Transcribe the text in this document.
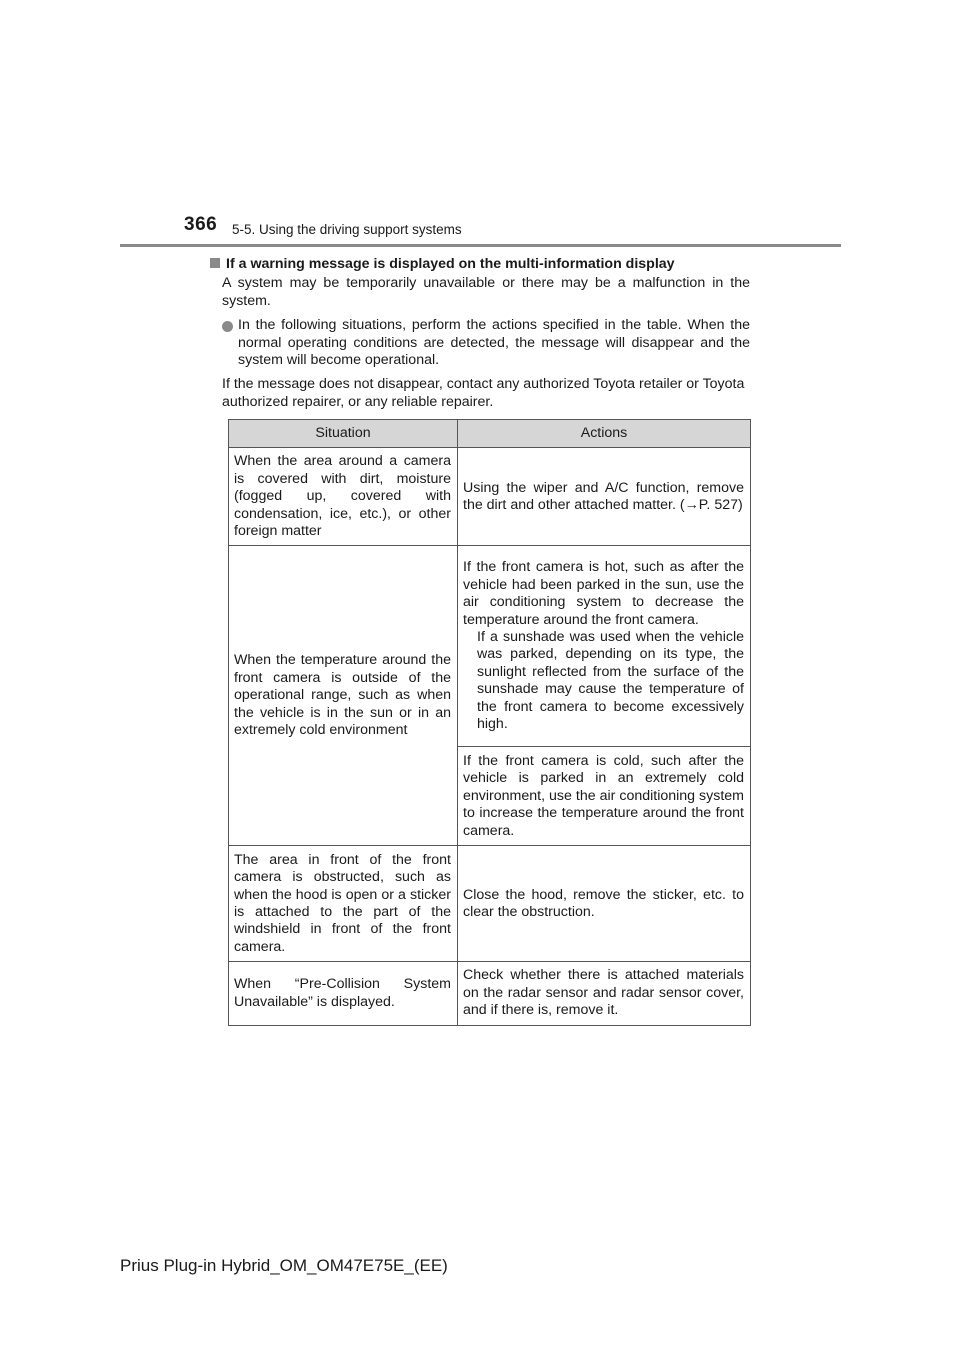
366 5-5. Using the driving support systems
If a warning message is displayed on the multi-information display
A system may be temporarily unavailable or there may be a malfunction in the system.
In the following situations, perform the actions specified in the table. When the normal operating conditions are detected, the message will disappear and the system will become operational.
If the message does not disappear, contact any authorized Toyota retailer or Toyota authorized repairer, or any reliable repairer.
Situation	Actions
When the area around a camera is covered with dirt, moisture (fogged up, covered with condensation, ice, etc.), or other foreign matter	Using the wiper and A/C function, remove the dirt and other attached matter. (→P. 527)
When the temperature around the front camera is outside of the operational range, such as when the vehicle is in the sun or in an extremely cold environment	If the front camera is hot, such as after the vehicle had been parked in the sun, use the air conditioning system to decrease the temperature around the front camera.
If a sunshade was used when the vehicle was parked, depending on its type, the sunlight reflected from the surface of the sunshade may cause the temperature of the front camera to become excessively high.

	If the front camera is cold, such after the vehicle is parked in an extremely cold environment, use the air conditioning system to increase the temperature around the front camera.
The area in front of the front camera is obstructed, such as when the hood is open or a sticker is attached to the part of the windshield in front of the front camera.	Close the hood, remove the sticker, etc. to clear the obstruction.
When “Pre-Collision System Unavailable” is displayed.	Check whether there is attached materials on the radar sensor and radar sensor cover, and if there is, remove it.
Prius Plug-in Hybrid_OM_OM47E75E_(EE)
